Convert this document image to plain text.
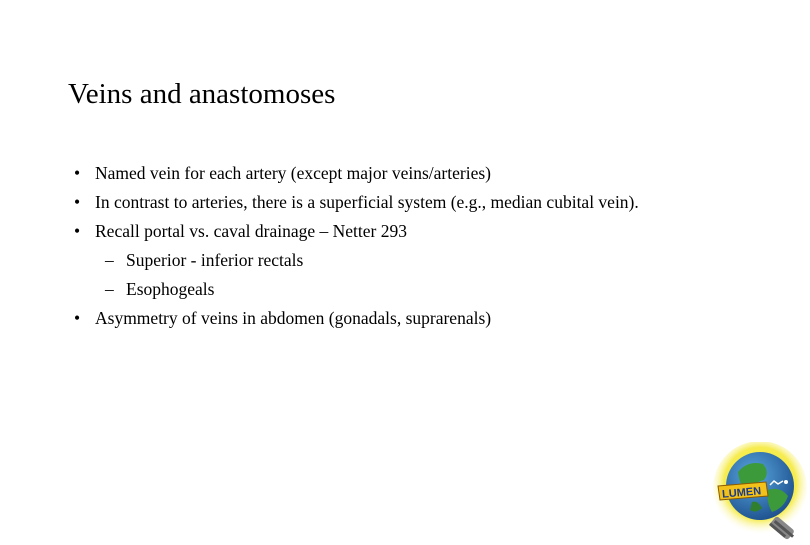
Veins and anastomoses
• Named vein for each artery (except major veins/arteries)
• In contrast to arteries, there is a superficial system (e.g., median cubital vein).
• Recall portal vs. caval drainage – Netter 293
– Superior - inferior rectals
– Esophogeals
• Asymmetry of veins in abdomen (gonadals, suprarenals)
LUMEN
